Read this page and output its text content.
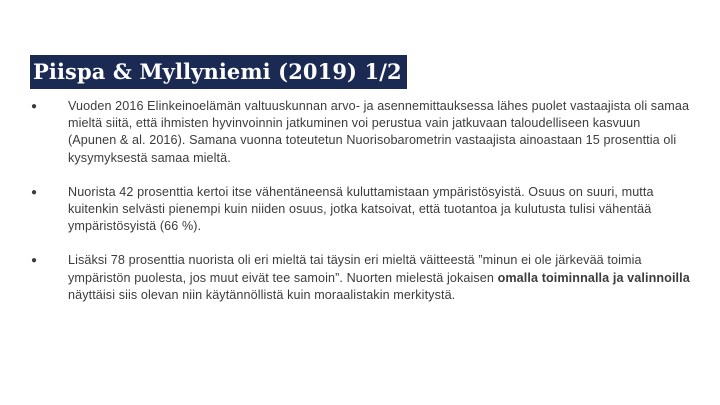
Piispa & Myllyniemi (2019) 1/2
● Vuoden 2016 Elinkeinoelämän valtuuskunnan arvo- ja asennemittauksessa lähes puolet vastaajista oli samaa mieltä siitä, että ihmisten hyvinvoinnin jatkuminen voi perustua vain jatkuvaan taloudelliseen kasvuun (Apunen & al. 2016). Samana vuonna toteutetun Nuorisobarometrin vastaajista ainoastaan 15 prosenttia oli kysymyksestä samaa mieltä.
● Nuorista 42 prosenttia kertoi itse vähentäneensä kuluttamistaan ympäristösyistä. Osuus on suuri, mutta kuitenkin selvästi pienempi kuin niiden osuus, jotka katsoivat, että tuotantoa ja kulutusta tulisi vähentää ympäristösyistä (66 %).
● Lisäksi 78 prosenttia nuorista oli eri mieltä tai täysin eri mieltä väitteestä ”minun ei ole järkevää toimia ympäristön puolesta, jos muut eivät tee samoin”. Nuorten mielestä jokaisen omalla toiminnalla ja valinnoilla näyttäisi siis olevan niin käytännöllistä kuin moraalistakin merkitystä.
